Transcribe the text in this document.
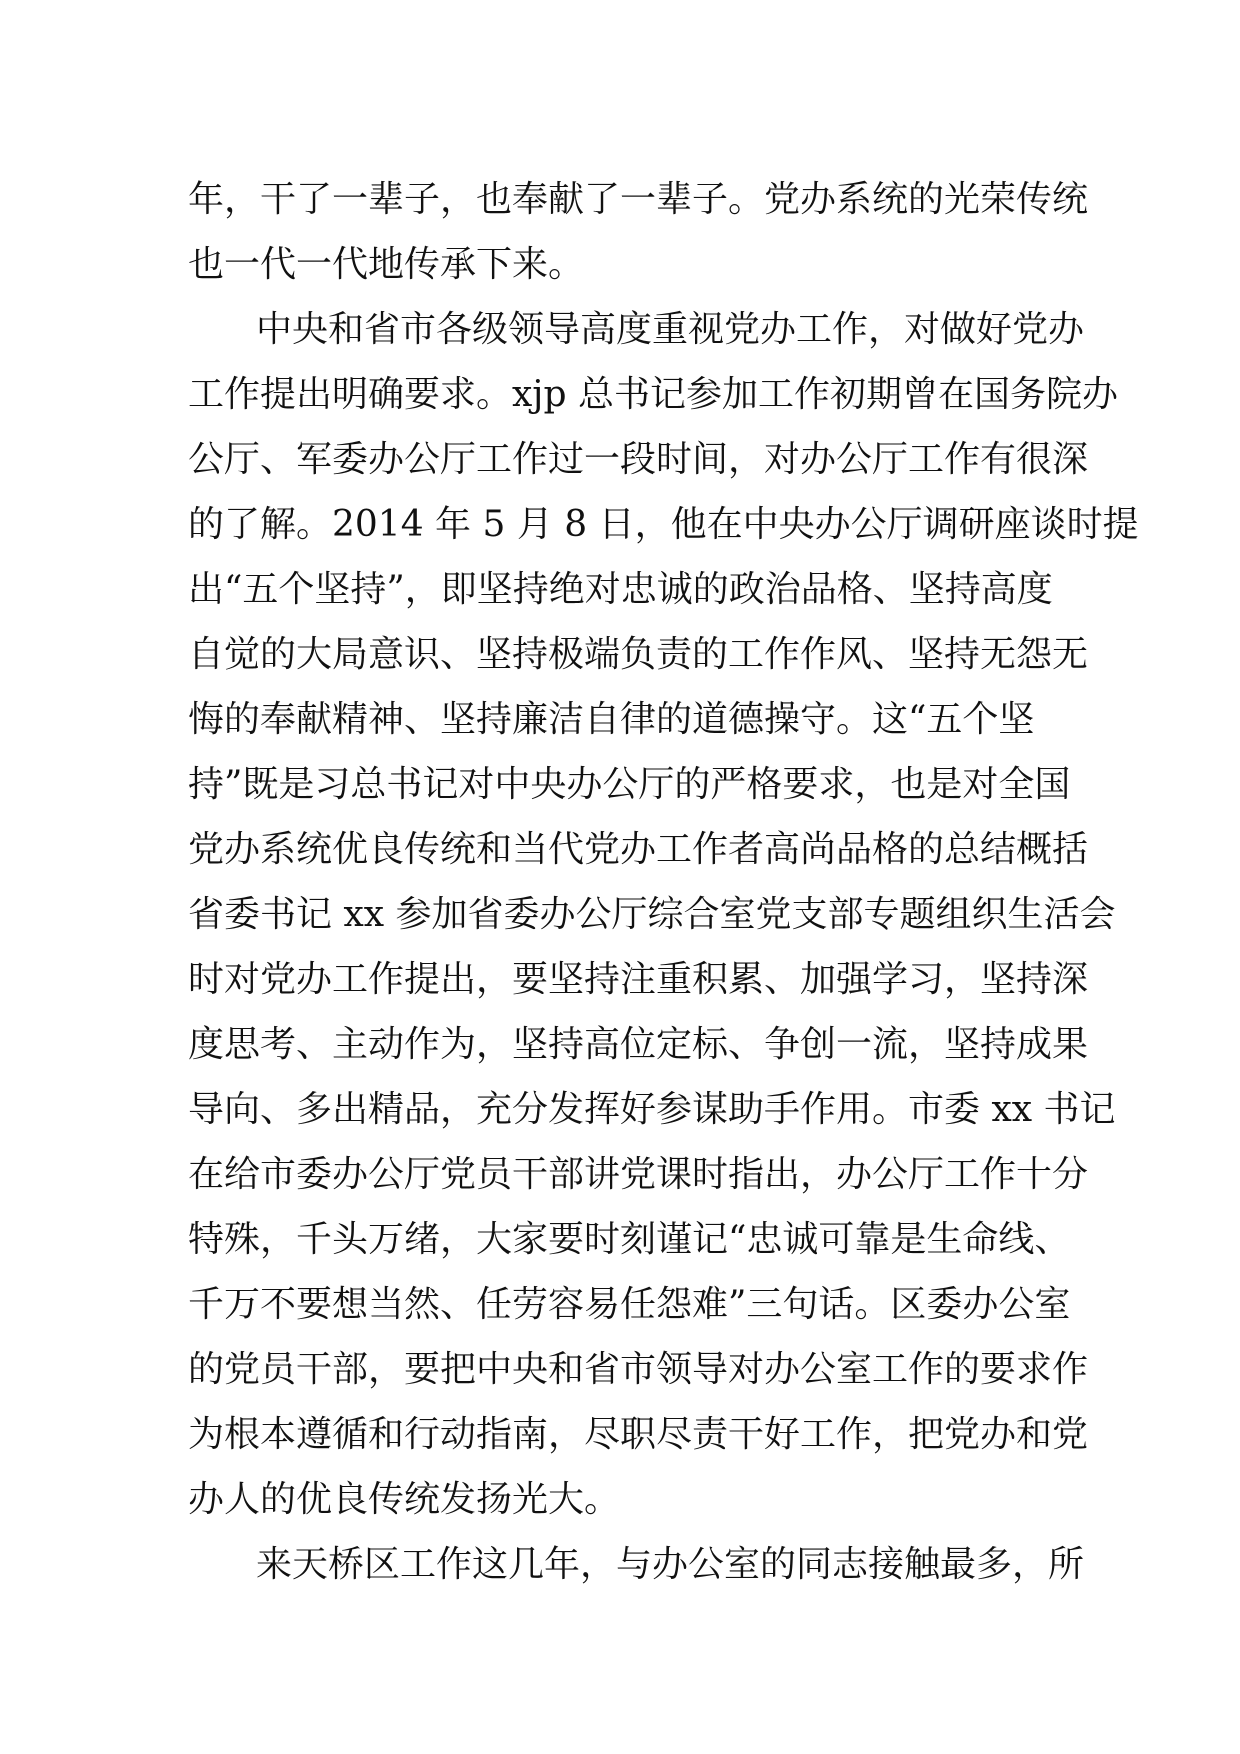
年，干了一辈子，也奉献了一辈子。党办系统的光荣传统
也一代一代地传承下来。
中央和省市各级领导高度重视党办工作，对做好党办
工作提出明确要求。xjp 总书记参加工作初期曾在国务院办
公厅、军委办公厅工作过一段时间，对办公厅工作有很深
的了解。2014 年 5 月 8 日，他在中央办公厅调研座谈时提
出“五个坚持”，即坚持绝对忠诚的政治品格、坚持高度
自觉的大局意识、坚持极端负责的工作作风、坚持无怨无
悔的奉献精神、坚持廉洁自律的道德操守。这“五个坚
持”既是习总书记对中央办公厅的严格要求，也是对全国
党办系统优良传统和当代党办工作者高尚品格的总结概括
省委书记 xx 参加省委办公厅综合室党支部专题组织生活会
时对党办工作提出，要坚持注重积累、加强学习，坚持深
度思考、主动作为，坚持高位定标、争创一流，坚持成果
导向、多出精品，充分发挥好参谋助手作用。市委 xx 书记
在给市委办公厅党员干部讲党课时指出，办公厅工作十分
特殊，千头万绪，大家要时刻谨记“忠诚可靠是生命线、
千万不要想当然、任劳容易任怨难”三句话。区委办公室
的党员干部，要把中央和省市领导对办公室工作的要求作
为根本遵循和行动指南，尽职尽责干好工作，把党办和党
办人的优良传统发扬光大。
来天桥区工作这几年，与办公室的同志接触最多，所
